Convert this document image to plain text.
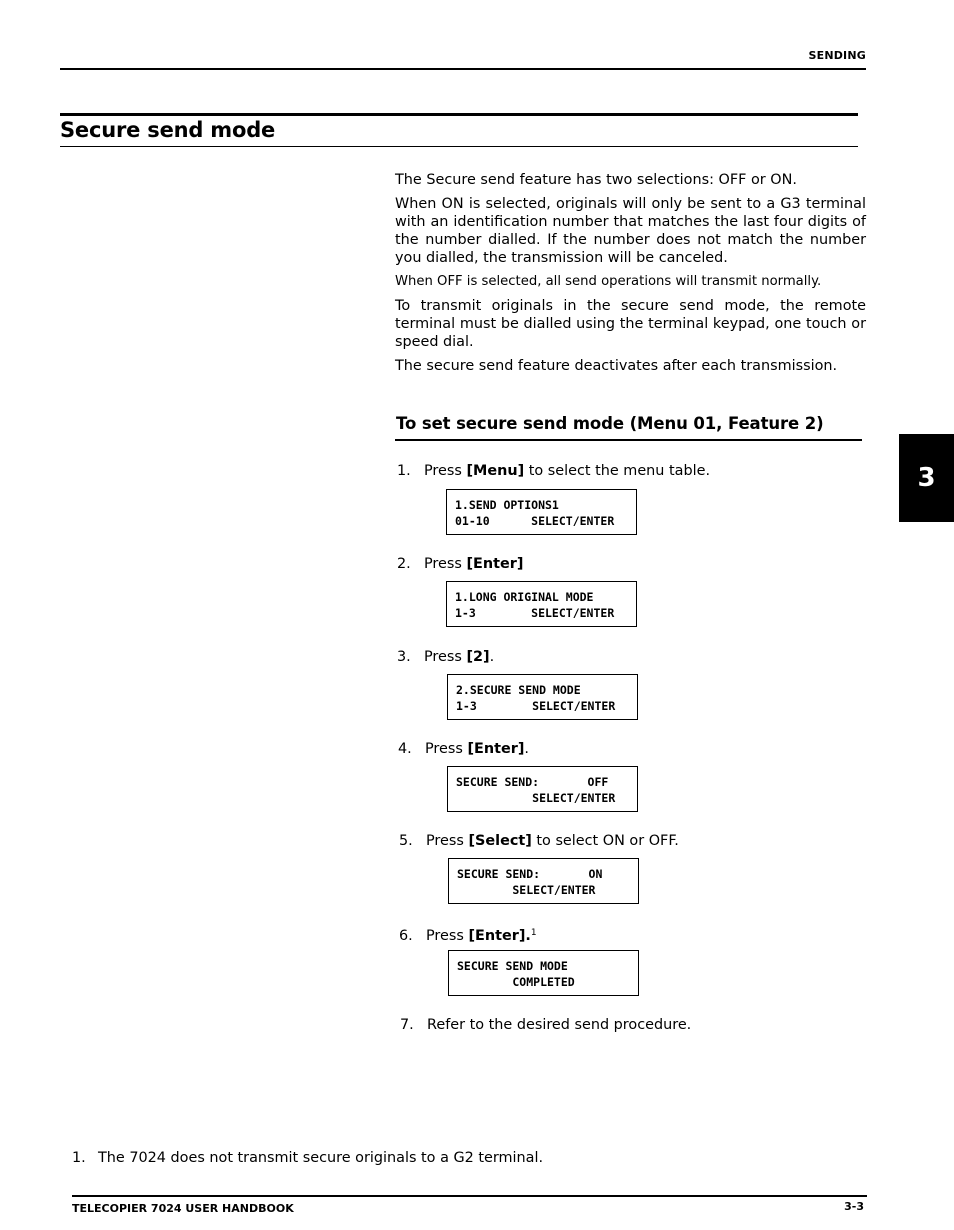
SENDING
Secure send mode

The Secure send feature has two selections: OFF or ON.

When ON is selected, originals will only be sent to a G3 terminal with an identification number that matches the last four digits of the number dialled. If the number does not match the number you dialled, the transmission will be canceled.

When OFF is selected, all send operations will transmit normally.

To transmit originals in the secure send mode, the remote terminal must be dialled using the terminal keypad, one touch or speed dial.

The secure send feature deactivates after each transmission.

To set secure send mode (Menu 01, Feature 2)
1. Press [Menu] to select the menu table.
1.SEND OPTIONS1
01-10      SELECT/ENTER
2. Press [Enter]
1.LONG ORIGINAL MODE
1-3        SELECT/ENTER
3. Press [2].
2.SECURE SEND MODE
1-3        SELECT/ENTER
4. Press [Enter].
SECURE SEND:       OFF
SELECT/ENTER
5. Press [Select] to select ON or OFF.
SECURE SEND:       ON
SELECT/ENTER
6. Press [Enter].$^1$
SECURE SEND MODE
COMPLETED
7. Refer to the desired send procedure.
3
1. The 7024 does not transmit secure originals to a G2 terminal.
TELECOPIER 7024 USER HANDBOOK	3-3
